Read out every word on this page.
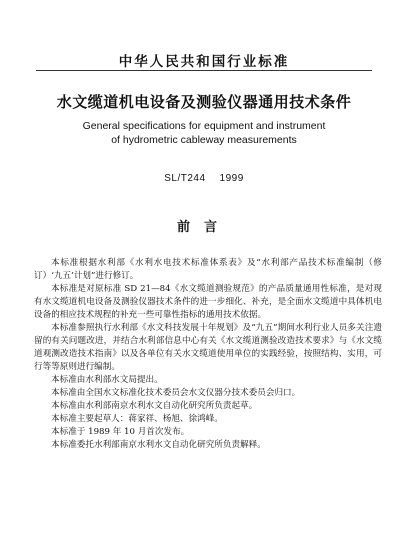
中华人民共和国行业标准
水文缆道机电设备及测验仪器通用技术条件
General specifications for equipment and instrument
of hydrometric cableway measurements
SL/T244 1999
前言

本标准根据水利部《水利水电技术标准体系表》及“水利部产品技术标准编制（修订）‘九五’计划”进行修订。

本标准是对原标准 SD 21—84《水文缆道测验规范》的产品质量通用性标准，是对现有水文缆道机电设备及测验仪器技术条件的进一步细化、补充，是全面水文缆道中具体机电设备的相应技术规程的补充一些可靠性指标的通用技术依据。

本标准参照执行水利部《水文科技发展十年规划》及“九五”期间水利行业人员多关注遗留的有关问题改进，并结合水利部信息中心有关《水文缆道测验改造技术要求》与《水文缆道观测改造技术指南》以及各单位有关水文缆道使用单位的实践经验，按照结构、实用，可行等等原则进行编制。

本标准由水利部水文局提出。

本标准由全国水文标准化技术委员会水文仪器分技术委员会归口。

本标准由水利部南京水利水文自动化研究所负责起草。

本标准主要起草人：蒋家祥、杨旭、徐鸿峰。

本标准于 1989 年 10 月首次发布。

本标准委托水利部南京水利水文自动化研究所负责解释。
